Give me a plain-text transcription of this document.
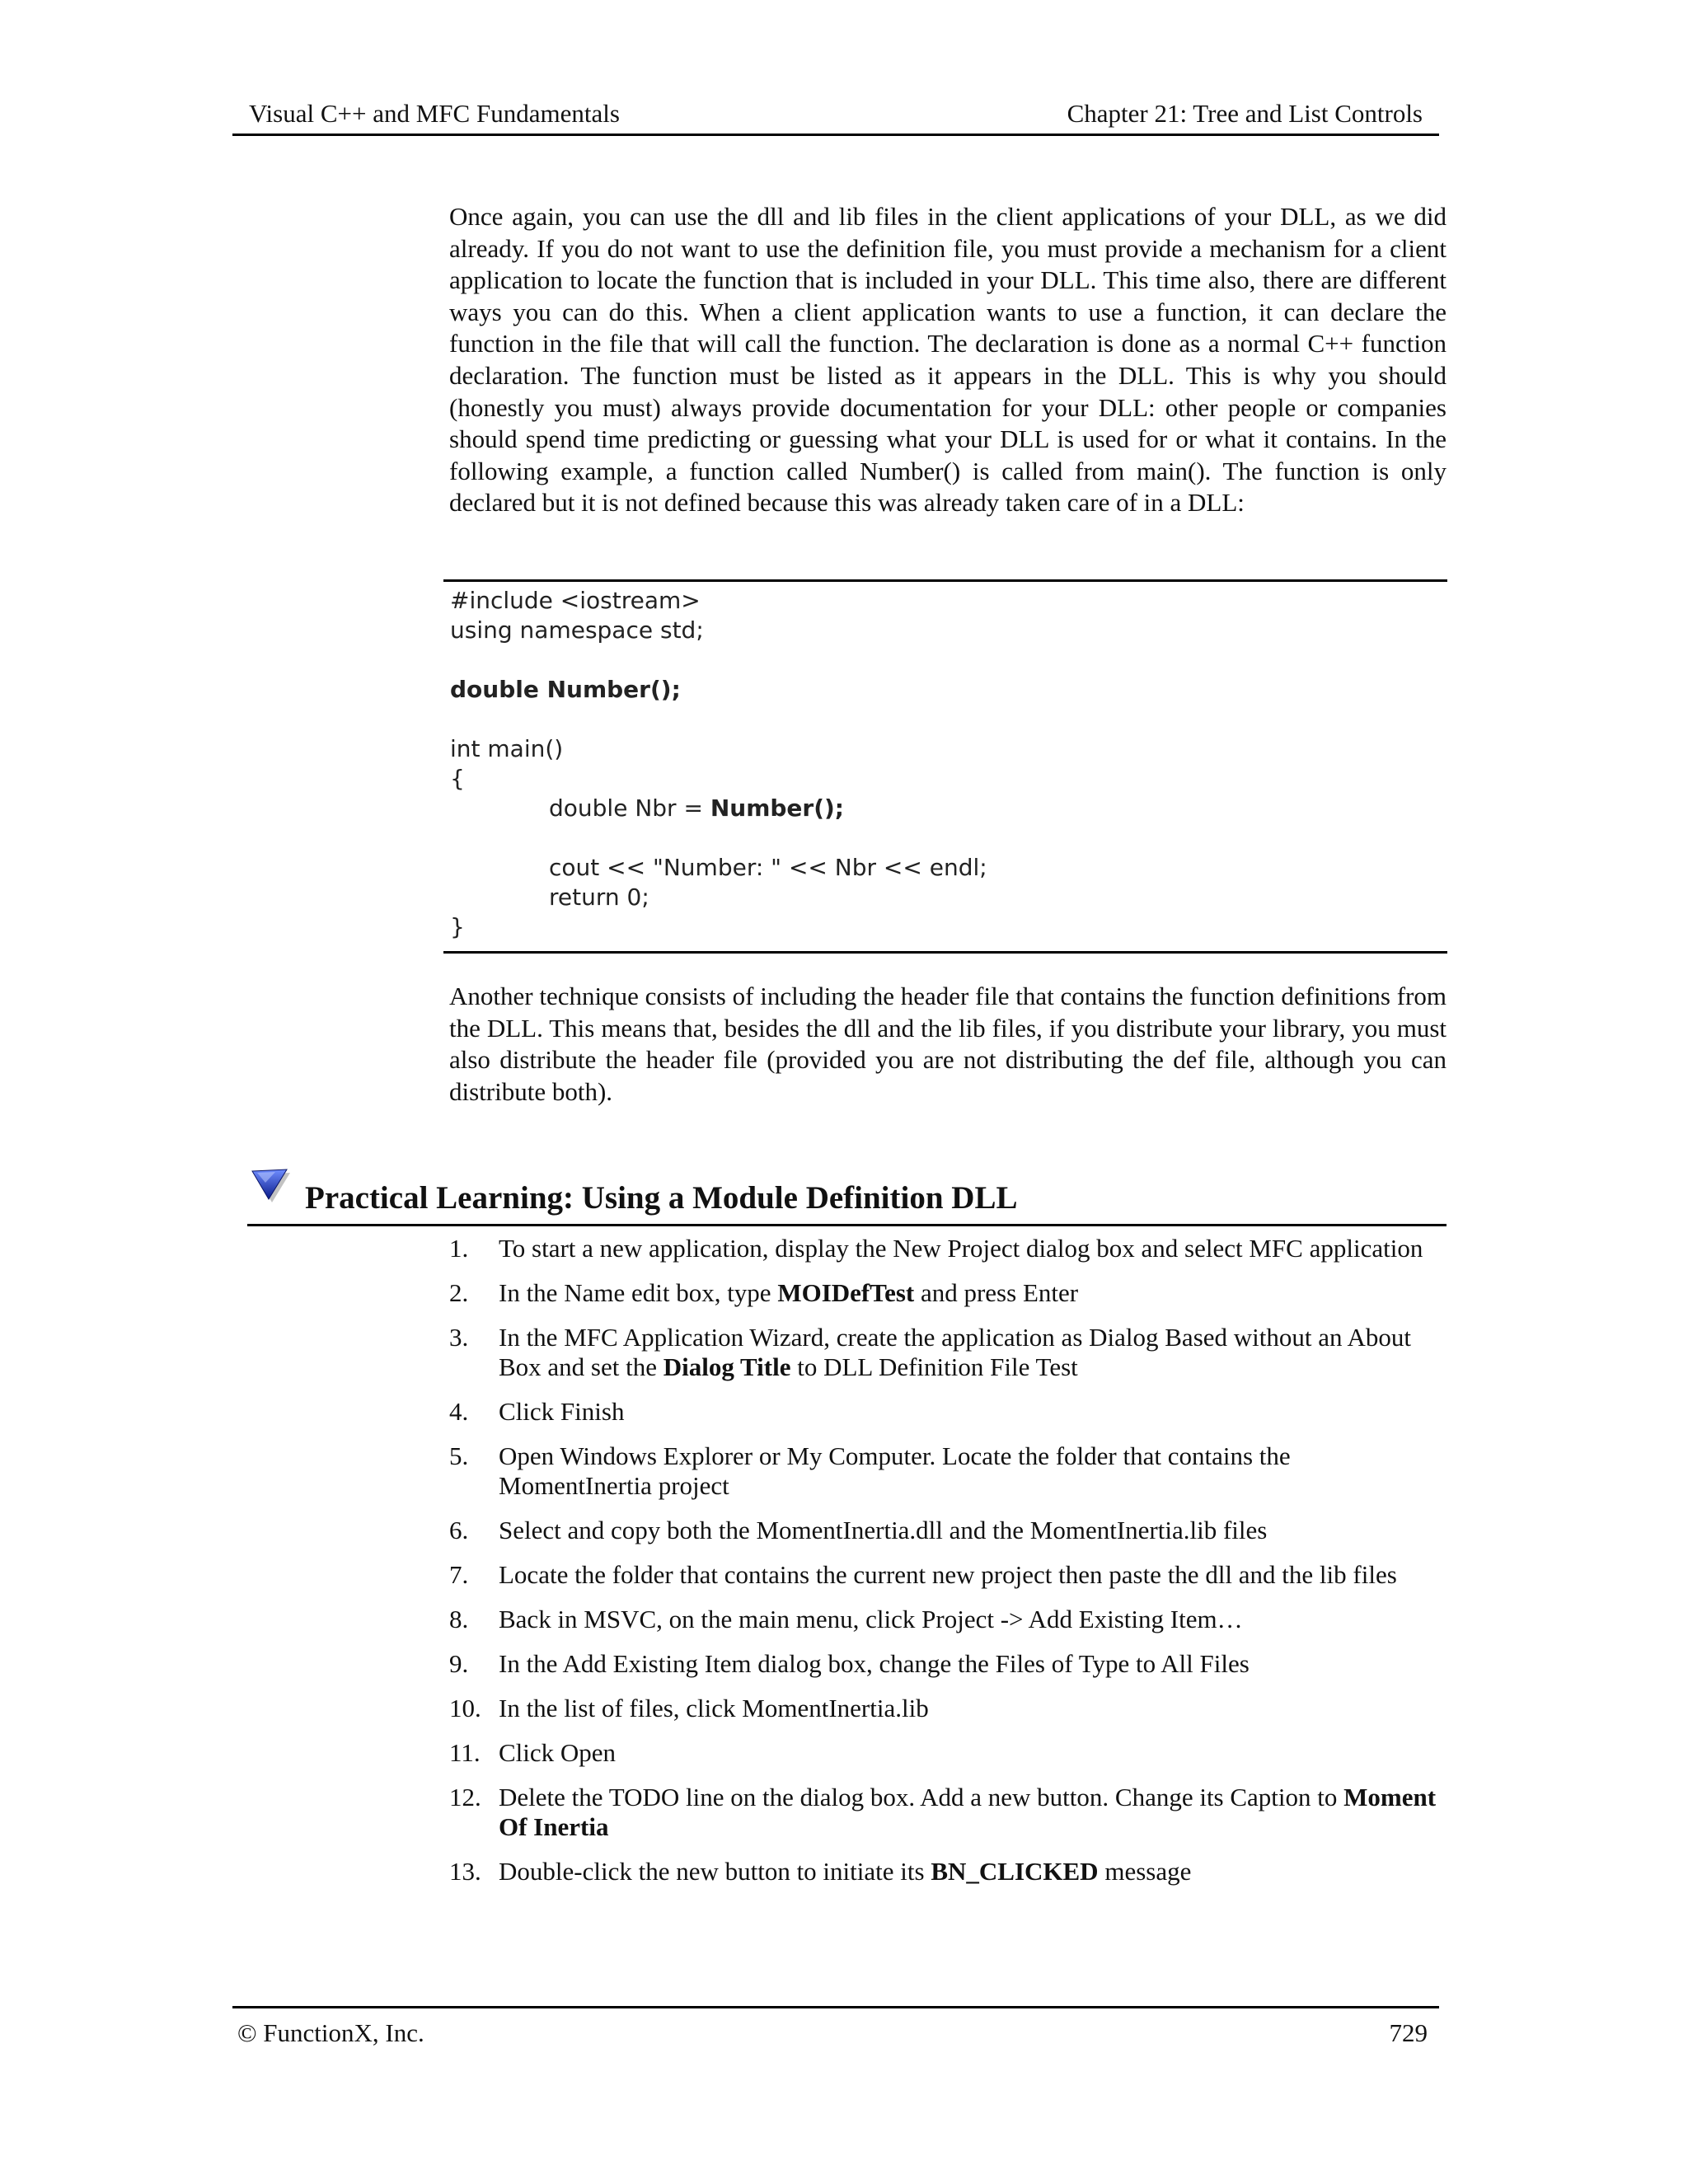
Visual C++ and MFC Fundamentals	Chapter 21: Tree and List Controls
Once again, you can use the dll and lib files in the client applications of your DLL, as we did already. If you do not want to use the definition file, you must provide a mechanism for a client application to locate the function that is included in your DLL. This time also, there are different ways you can do this. When a client application wants to use a function, it can declare the function in the file that will call the function. The declaration is done as a normal C++ function declaration. The function must be listed as it appears in the DLL. This is why you should (honestly you must) always provide documentation for your DLL: other people or companies should spend time predicting or guessing what your DLL is used for or what it contains. In the following example, a function called Number() is called from main(). The function is only declared but it is not defined because this was already taken care of in a DLL:
#include <iostream>
using namespace std;
double Number();
int main()
{
double Nbr = Number();
cout << "Number: " << Nbr << endl;
return 0;
}
Another technique consists of including the header file that contains the function definitions from the DLL. This means that, besides the dll and the lib files, if you distribute your library, you must also distribute the header file (provided you are not distributing the def file, although you can distribute both).
Practical Learning: Using a Module Definition DLL
1. To start a new application, display the New Project dialog box and select MFC application
2. In the Name edit box, type MOIDefTest and press Enter
3. In the MFC Application Wizard, create the application as Dialog Based without an About Box and set the Dialog Title to DLL Definition File Test
4. Click Finish
5. Open Windows Explorer or My Computer. Locate the folder that contains the MomentInertia project
6. Select and copy both the MomentInertia.dll and the MomentInertia.lib files
7. Locate the folder that contains the current new project then paste the dll and the lib files
8. Back in MSVC, on the main menu, click Project -> Add Existing Item…
9. In the Add Existing Item dialog box, change the Files of Type to All Files
10. In the list of files, click MomentInertia.lib
11. Click Open
12. Delete the TODO line on the dialog box. Add a new button. Change its Caption to Moment Of Inertia
13. Double-click the new button to initiate its BN_CLICKED message
© FunctionX, Inc.	729
